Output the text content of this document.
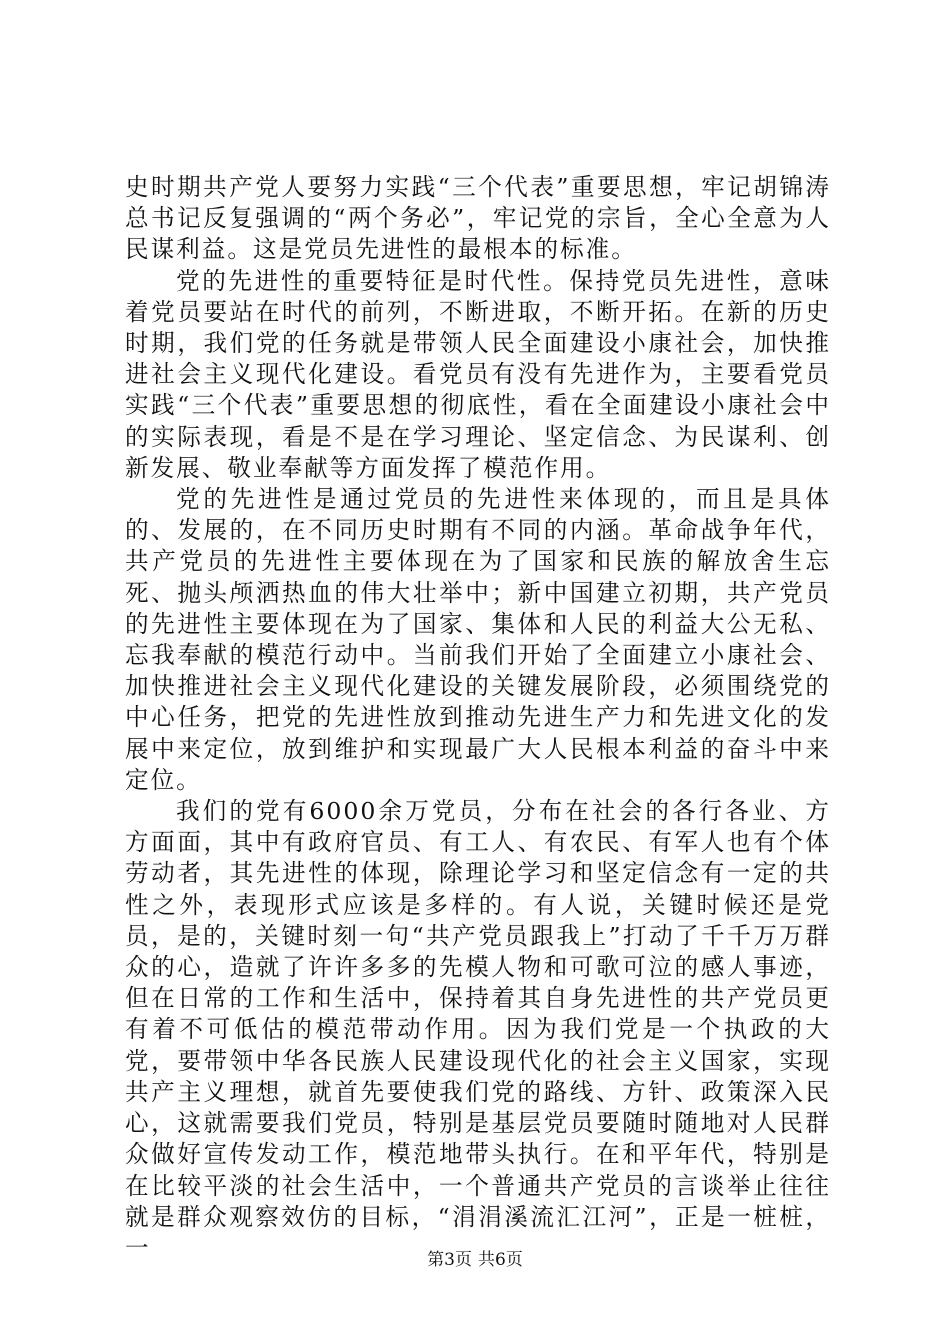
史时期共产党人要努力实践“三个代表”重要思想，牢记胡锦涛总书记反复强调的“两个务必”，牢记党的宗旨，全心全意为人民谋利益。这是党员先进性的最根本的标准。

党的先进性的重要特征是时代性。保持党员先进性，意味着党员要站在时代的前列，不断进取，不断开拓。在新的历史时期，我们党的任务就是带领人民全面建设小康社会，加快推进社会主义现代化建设。看党员有没有先进作为，主要看党员实践“三个代表”重要思想的彻底性，看在全面建设小康社会中的实际表现，看是不是在学习理论、坚定信念、为民谋利、创新发展、敬业奉献等方面发挥了模范作用。

党的先进性是通过党员的先进性来体现的，而且是具体的、发展的，在不同历史时期有不同的内涵。革命战争年代，共产党员的先进性主要体现在为了国家和民族的解放舍生忘死、抛头颅洒热血的伟大壮举中；新中国建立初期，共产党员的先进性主要体现在为了国家、集体和人民的利益大公无私、忘我奉献的模范行动中。当前我们开始了全面建立小康社会、加快推进社会主义现代化建设的关键发展阶段，必须围绕党的中心任务，把党的先进性放到推动先进生产力和先进文化的发展中来定位，放到维护和实现最广大人民根本利益的奋斗中来定位。

我们的党有6000余万党员，分布在社会的各行各业、方方面面，其中有政府官员、有工人、有农民、有军人也有个体劳动者，其先进性的体现，除理论学习和坚定信念有一定的共性之外，表现形式应该是多样的。有人说，关键时候还是党员，是的，关键时刻一句“共产党员跟我上”打动了千千万万群众的心，造就了许许多多的先模人物和可歌可泣的感人事迹，但在日常的工作和生活中，保持着其自身先进性的共产党员更有着不可低估的模范带动作用。因为我们党是一个执政的大党，要带领中华各民族人民建设现代化的社会主义国家，实现共产主义理想，就首先要使我们党的路线、方针、政策深入民心，这就需要我们党员，特别是基层党员要随时随地对人民群众做好宣传发动工作，模范地带头执行。在和平年代，特别是在比较平淡的社会生活中，一个普通共产党员的言谈举止往往就是群众观察效仿的目标，“涓涓溪流汇江河”，正是一桩桩，一	第3页 共6页
